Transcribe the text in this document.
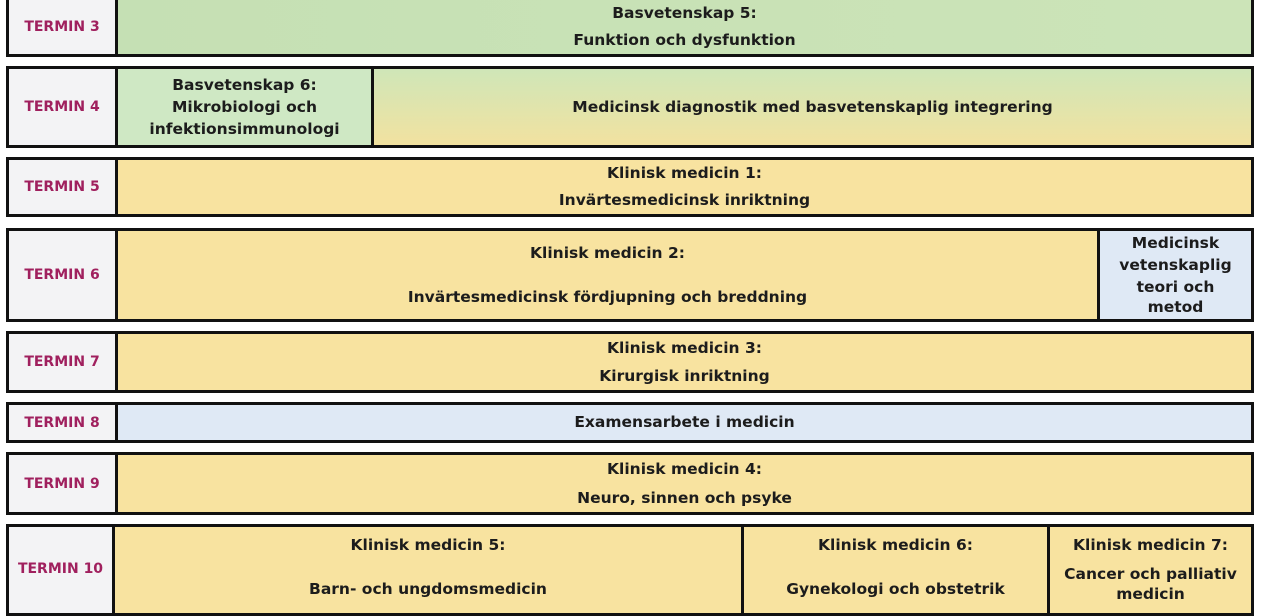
TERMIN 3
Basvetenskap 5:
Funktion och dysfunktion
TERMIN 4
Basvetenskap 6:
Mikrobiologi och
infektionsimmunologi
Medicinsk diagnostik med basvetenskaplig integrering
TERMIN 5
Klinisk medicin 1:
Invärtesmedicinsk inriktning
TERMIN 6
Klinisk medicin 2:
Invärtesmedicinsk fördjupning och breddning
Medicinsk
vetenskaplig
teori och metod
TERMIN 7
Klinisk medicin 3:
Kirurgisk inriktning
TERMIN 8	Examensarbete i medicin
TERMIN 9
Klinisk medicin 4:
Neuro, sinnen och psyke
TERMIN 10
Klinisk medicin 5:
Barn- och ungdomsmedicin
Klinisk medicin 6:
Gynekologi och obstetrik
Klinisk medicin 7:
Cancer och palliativ
medicin
